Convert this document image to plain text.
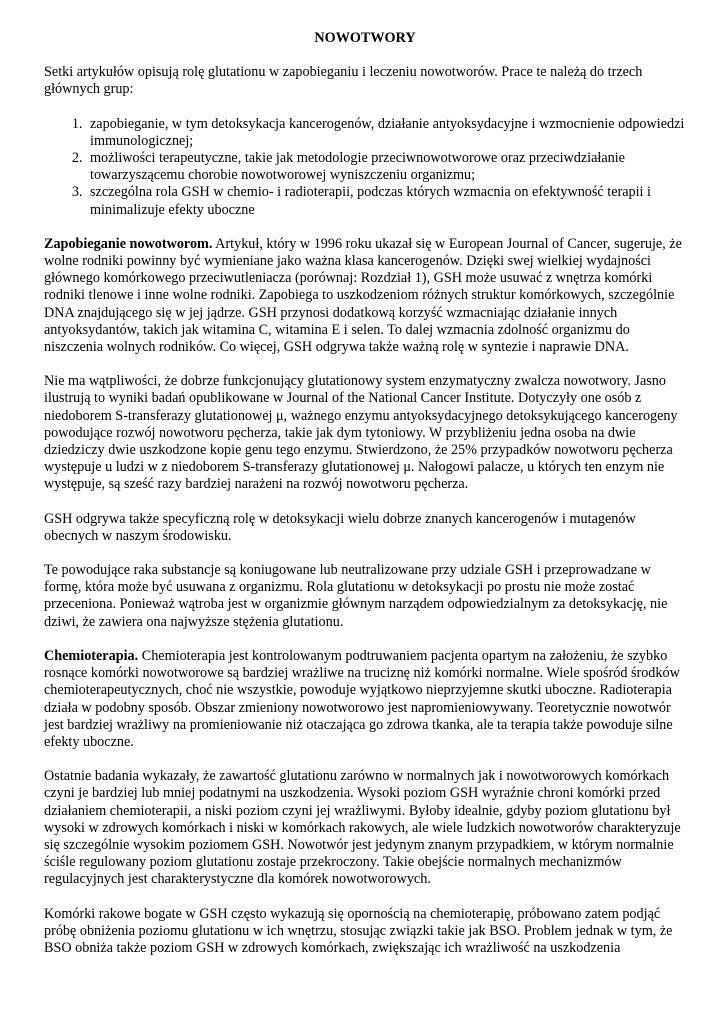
NOWOTWORY

Setki artykułów opisują rolę glutationu w zapobieganiu i leczeniu nowotworów. Prace te należą do trzech głównych grup:

1. zapobieganie, w tym detoksykacja kancerogenów, działanie antyoksydacyjne i wzmocnienie odpowiedzi immunologicznej;
2. możliwości terapeutyczne, takie jak metodologie przeciwnowotworowe oraz przeciwdziałanie towarzyszącemu chorobie nowotworowej wyniszczeniu organizmu;
3. szczególna rola GSH w chemio- i radioterapii, podczas których wzmacnia on efektywność terapii i minimalizuje efekty uboczne

Zapobieganie nowotworom. Artykuł, który w 1996 roku ukazał się w European Journal of Cancer, sugeruje, że wolne rodniki powinny być wymieniane jako ważna klasa kancerogenów. Dzięki swej wielkiej wydajności głównego komórkowego przeciwutleniacza (porównaj: Rozdział 1), GSH może usuwać z wnętrza komórki rodniki tlenowe i inne wolne rodniki. Zapobiega to uszkodzeniom różnych struktur komórkowych, szczególnie DNA znajdującego się w jej jądrze. GSH przynosi dodatkową korzyść wzmacniając działanie innych antyoksydantów, takich jak witamina C, witamina E i selen. To dalej wzmacnia zdolność organizmu do niszczenia wolnych rodników. Co więcej, GSH odgrywa także ważną rolę w syntezie i naprawie DNA.

Nie ma wątpliwości, że dobrze funkcjonujący glutationowy system enzymatyczny zwalcza nowotwory. Jasno ilustrują to wyniki badań opublikowane w Journal of the National Cancer Institute. Dotyczyły one osób z niedoborem S-transferazy glutationowej μ, ważnego enzymu antyoksydacyjnego detoksykującego kancerogeny powodujące rozwój nowotworu pęcherza, takie jak dym tytoniowy. W przybliżeniu jedna osoba na dwie dziedziczy dwie uszkodzone kopie genu tego enzymu. Stwierdzono, że 25% przypadków nowotworu pęcherza występuje u ludzi w z niedoborem S-transferazy glutationowej μ. Nałogowi palacze, u których ten enzym nie występuje, są sześć razy bardziej narażeni na rozwój nowotworu pęcherza.

GSH odgrywa także specyficzną rolę w detoksykacji wielu dobrze znanych kancerogenów i mutagenów obecnych w naszym środowisku.

Te powodujące raka substancje są koniugowane lub neutralizowane przy udziale GSH i przeprowadzane w formę, która może być usuwana z organizmu. Rola glutationu w detoksykacji po prostu nie może zostać przeceniona. Ponieważ wątroba jest w organizmie głównym narządem odpowiedzialnym za detoksykację, nie dziwi, że zawiera ona najwyższe stężenia glutationu.

Chemioterapia. Chemioterapia jest kontrolowanym podtruwaniem pacjenta opartym na założeniu, że szybko rosnące komórki nowotworowe są bardziej wrażliwe na truciznę niż komórki normalne. Wiele spośród środków chemioterapeutycznych, choć nie wszystkie, powoduje wyjątkowo nieprzyjemne skutki uboczne. Radioterapia działa w podobny sposób. Obszar zmieniony nowotworowo jest napromieniowywany. Teoretycznie nowotwór jest bardziej wrażliwy na promieniowanie niż otaczająca go zdrowa tkanka, ale ta terapia także powoduje silne efekty uboczne.

Ostatnie badania wykazały, że zawartość glutationu zarówno w normalnych jak i nowotworowych komórkach czyni je bardziej lub mniej podatnymi na uszkodzenia. Wysoki poziom GSH wyraźnie chroni komórki przed działaniem chemioterapii, a niski poziom czyni jej wrażliwymi. Byłoby idealnie, gdyby poziom glutationu był wysoki w zdrowych komórkach i niski w komórkach rakowych, ale wiele ludzkich nowotworów charakteryzuje się szczególnie wysokim poziomem GSH. Nowotwór jest jedynym znanym przypadkiem, w którym normalnie ściśle regulowany poziom glutationu zostaje przekroczony. Takie obejście normalnych mechanizmów regulacyjnych jest charakterystyczne dla komórek nowotworowych.

Komórki rakowe bogate w GSH często wykazują się opornością na chemioterapię, próbowano zatem podjąć próbę obniżenia poziomu glutationu w ich wnętrzu, stosując związki takie jak BSO. Problem jednak w tym, że BSO obniża także poziom GSH w zdrowych komórkach, zwiększając ich wrażliwość na uszkodzenia
